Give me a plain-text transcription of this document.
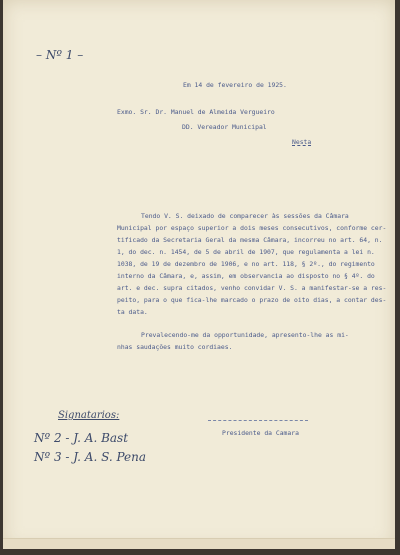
– Nº 1 –
Em 14 de fevereiro de 1925.
Exmo. Sr. Dr. Manuel de Almeida Vergueiro
DD. Vereador Municipal
Nesta
Tendo V. S. deixado de comparecer às sessões da Câmara
Municipal por espaço superior a dois meses consecutivos, conforme cer-
tificado da Secretaria Geral da mesma Câmara, incorreu no art. 64, n.
1, do dec. n. 1454, de 5 de abril de 1907, que regulamenta a lei n.
1038, de 19 de dezembro de 1906, e no art. 118, § 2º., do regimento
interno da Câmara, e, assim, em observancia ao disposto no § 4º. do
art. e dec. supra citados, venho convidar V. S. a manifestar-se a res-
peito, para o que fica-lhe marcado o prazo de oito dias, a contar des-
ta data.
Prevalecendo-me da opportunidade, apresento-lhe as mi-
nhas saudações muito cordiaes.
Presidente da Camara
Signatarios:
Nº 2 - J. A. Bast
Nº 3 - J. A. S. Pena
